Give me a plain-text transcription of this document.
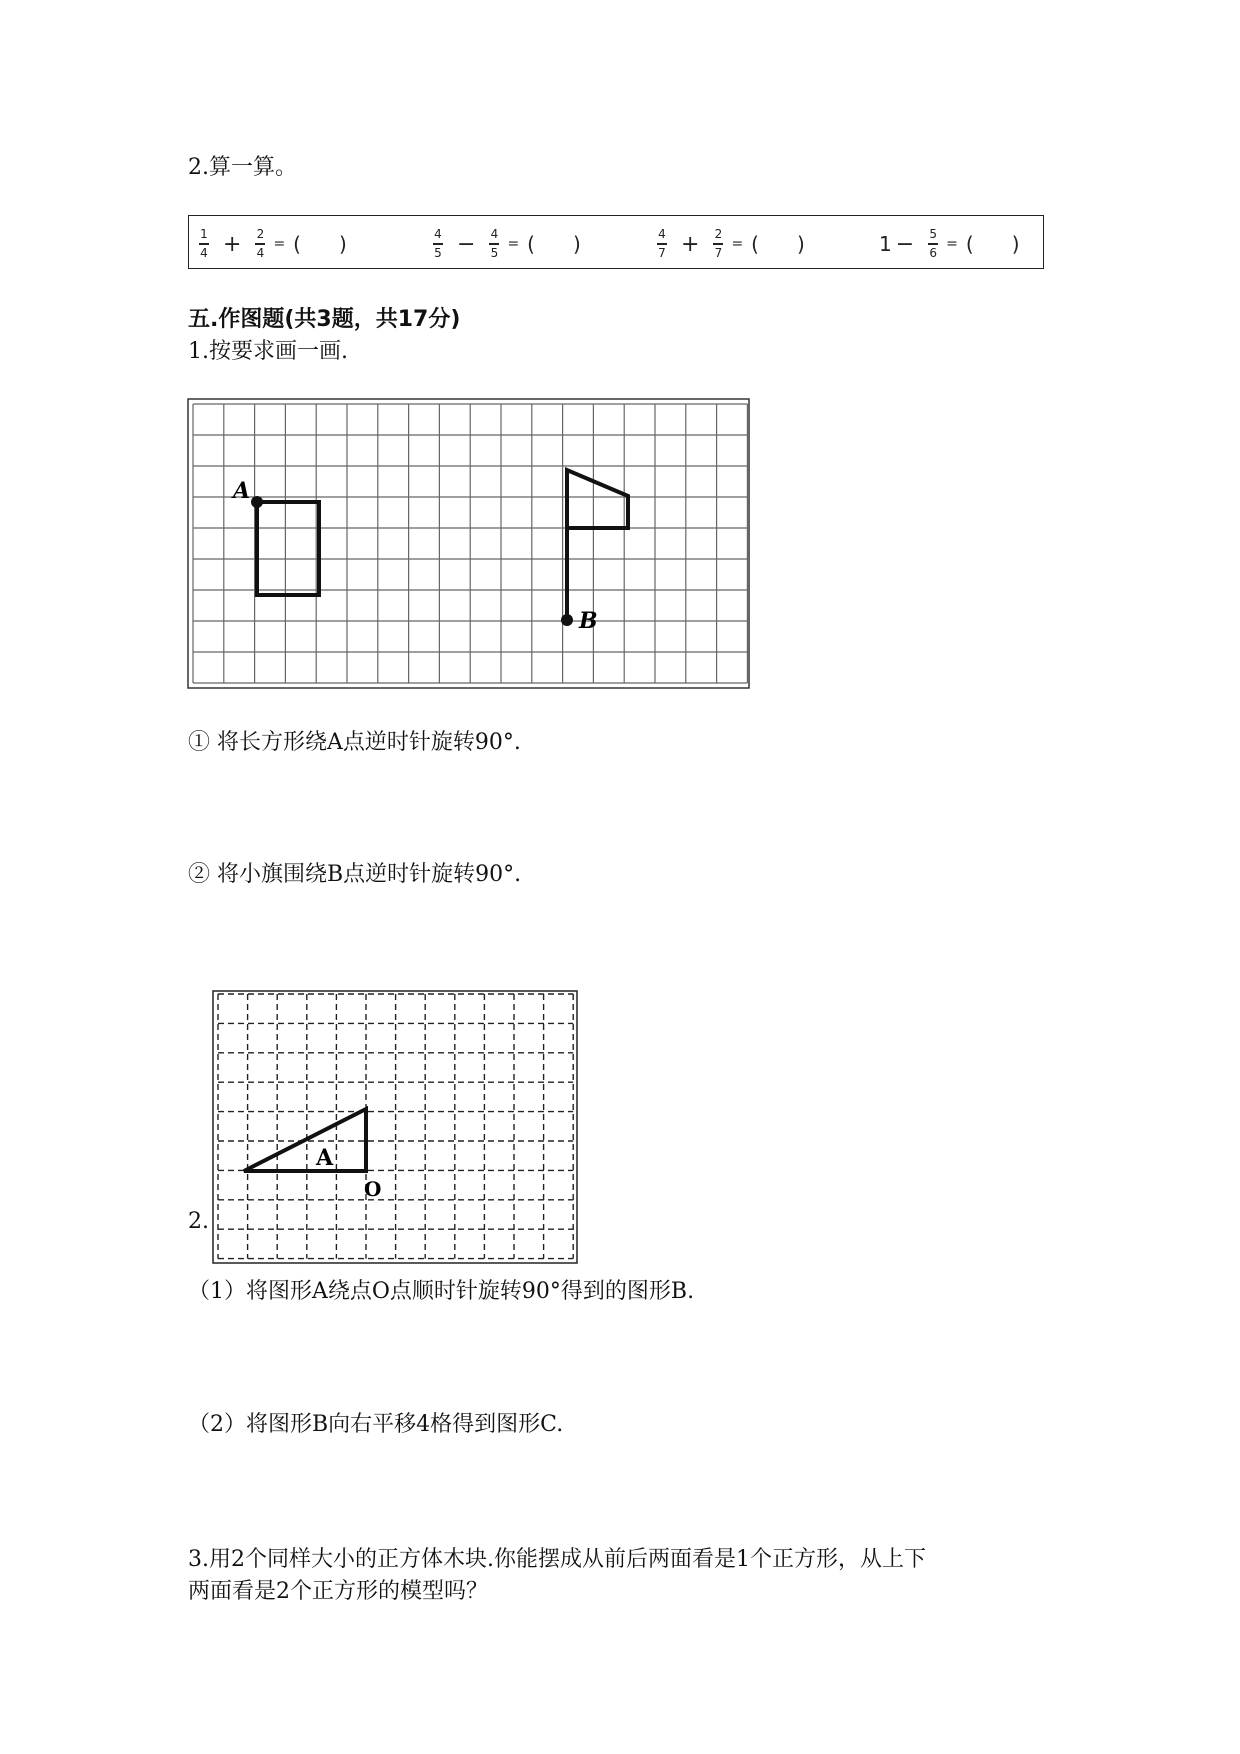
2.算一算。
$\frac{1}{4} + \frac{2}{4}$ = ( )	$\frac{4}{5} - \frac{4}{5}$ = ( )	$\frac{4}{7} + \frac{2}{7}$ = ( )	$1 - \frac{5}{6}$ = ( )
五.作图题(共3题，共17分)
1.按要求画一画.
A
B
① 将长方形绕A点逆时针旋转90°.
② 将小旗围绕B点逆时针旋转90°.
2.
A
O
（1）将图形A绕点O点顺时针旋转90°得到的图形B.
（2）将图形B向右平移4格得到图形C.
3.用2个同样大小的正方体木块.你能摆成从前后两面看是1个正方形，从上下
两面看是2个正方形的模型吗？
